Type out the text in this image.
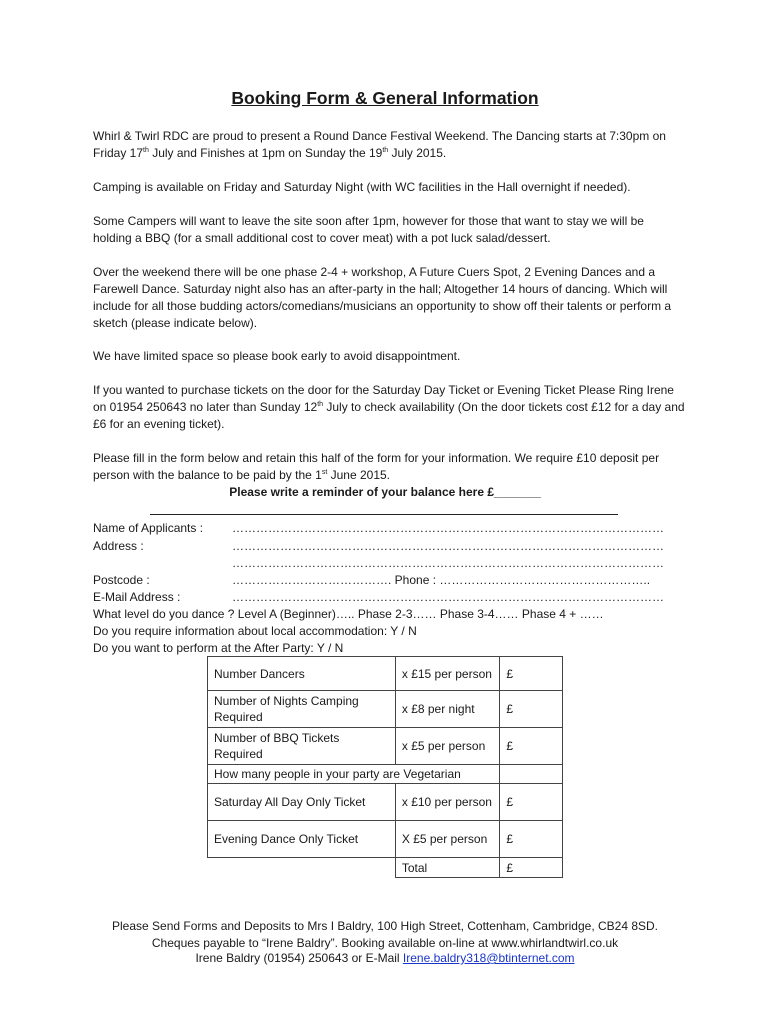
Booking Form & General Information

Whirl & Twirl RDC are proud to present a Round Dance Festival Weekend. The Dancing starts at 7:30pm on Friday 17th July and Finishes at 1pm on Sunday the 19th July 2015.

Camping is available on Friday and Saturday Night (with WC facilities in the Hall overnight if needed).

Some Campers will want to leave the site soon after 1pm, however for those that want to stay we will be holding a BBQ (for a small additional cost to cover meat) with a pot luck salad/dessert.

Over the weekend there will be one phase 2-4 + workshop, A Future Cuers Spot, 2 Evening Dances and a Farewell Dance. Saturday night also has an after-party in the hall; Altogether 14 hours of dancing. Which will include for all those budding actors/comedians/musicians an opportunity to show off their talents or perform a sketch (please indicate below).

We have limited space so please book early to avoid disappointment.

If you wanted to purchase tickets on the door for the Saturday Day Ticket or Evening Ticket Please Ring Irene on 01954 250643 no later than Sunday 12th July to check availability (On the door tickets cost £12 for a day and £6 for an evening ticket).

Please fill in the form below and retain this half of the form for your information. We require £10 deposit per person with the balance to be paid by the 1st June 2015.

Please write a reminder of your balance here £_______
Name of Applicants : ………………………………………………………………………………………………
Address :	………………………………………………………………………………………………
………………………………………………………………………………………………
Postcode :	…………………………………. Phone : ……………………………………………..
E-Mail Address :	………………………………………………………………………………………………
What level do you dance ? Level A (Beginner)….. Phase 2-3…… Phase 3-4…… Phase 4 + ……
Do you require information about local accommodation: Y / N
Do you want to perform at the After Party: Y / N
Number Dancers	x £15 per person	£
Number of Nights Camping Required	x £8 per night	£
Number of BBQ Tickets Required	x £5 per person	£
How many people in your party are Vegetarian		
Saturday All Day Only Ticket	x £10 per person	£
Evening Dance Only Ticket	X £5 per person	£
	Total	£
Please Send Forms and Deposits to Mrs I Baldry, 100 High Street, Cottenham, Cambridge, CB24 8SD.
Cheques payable to “Irene Baldry”. Booking available on-line at www.whirlandtwirl.co.uk
Irene Baldry (01954) 250643 or E-Mail Irene.baldry318@btinternet.com
